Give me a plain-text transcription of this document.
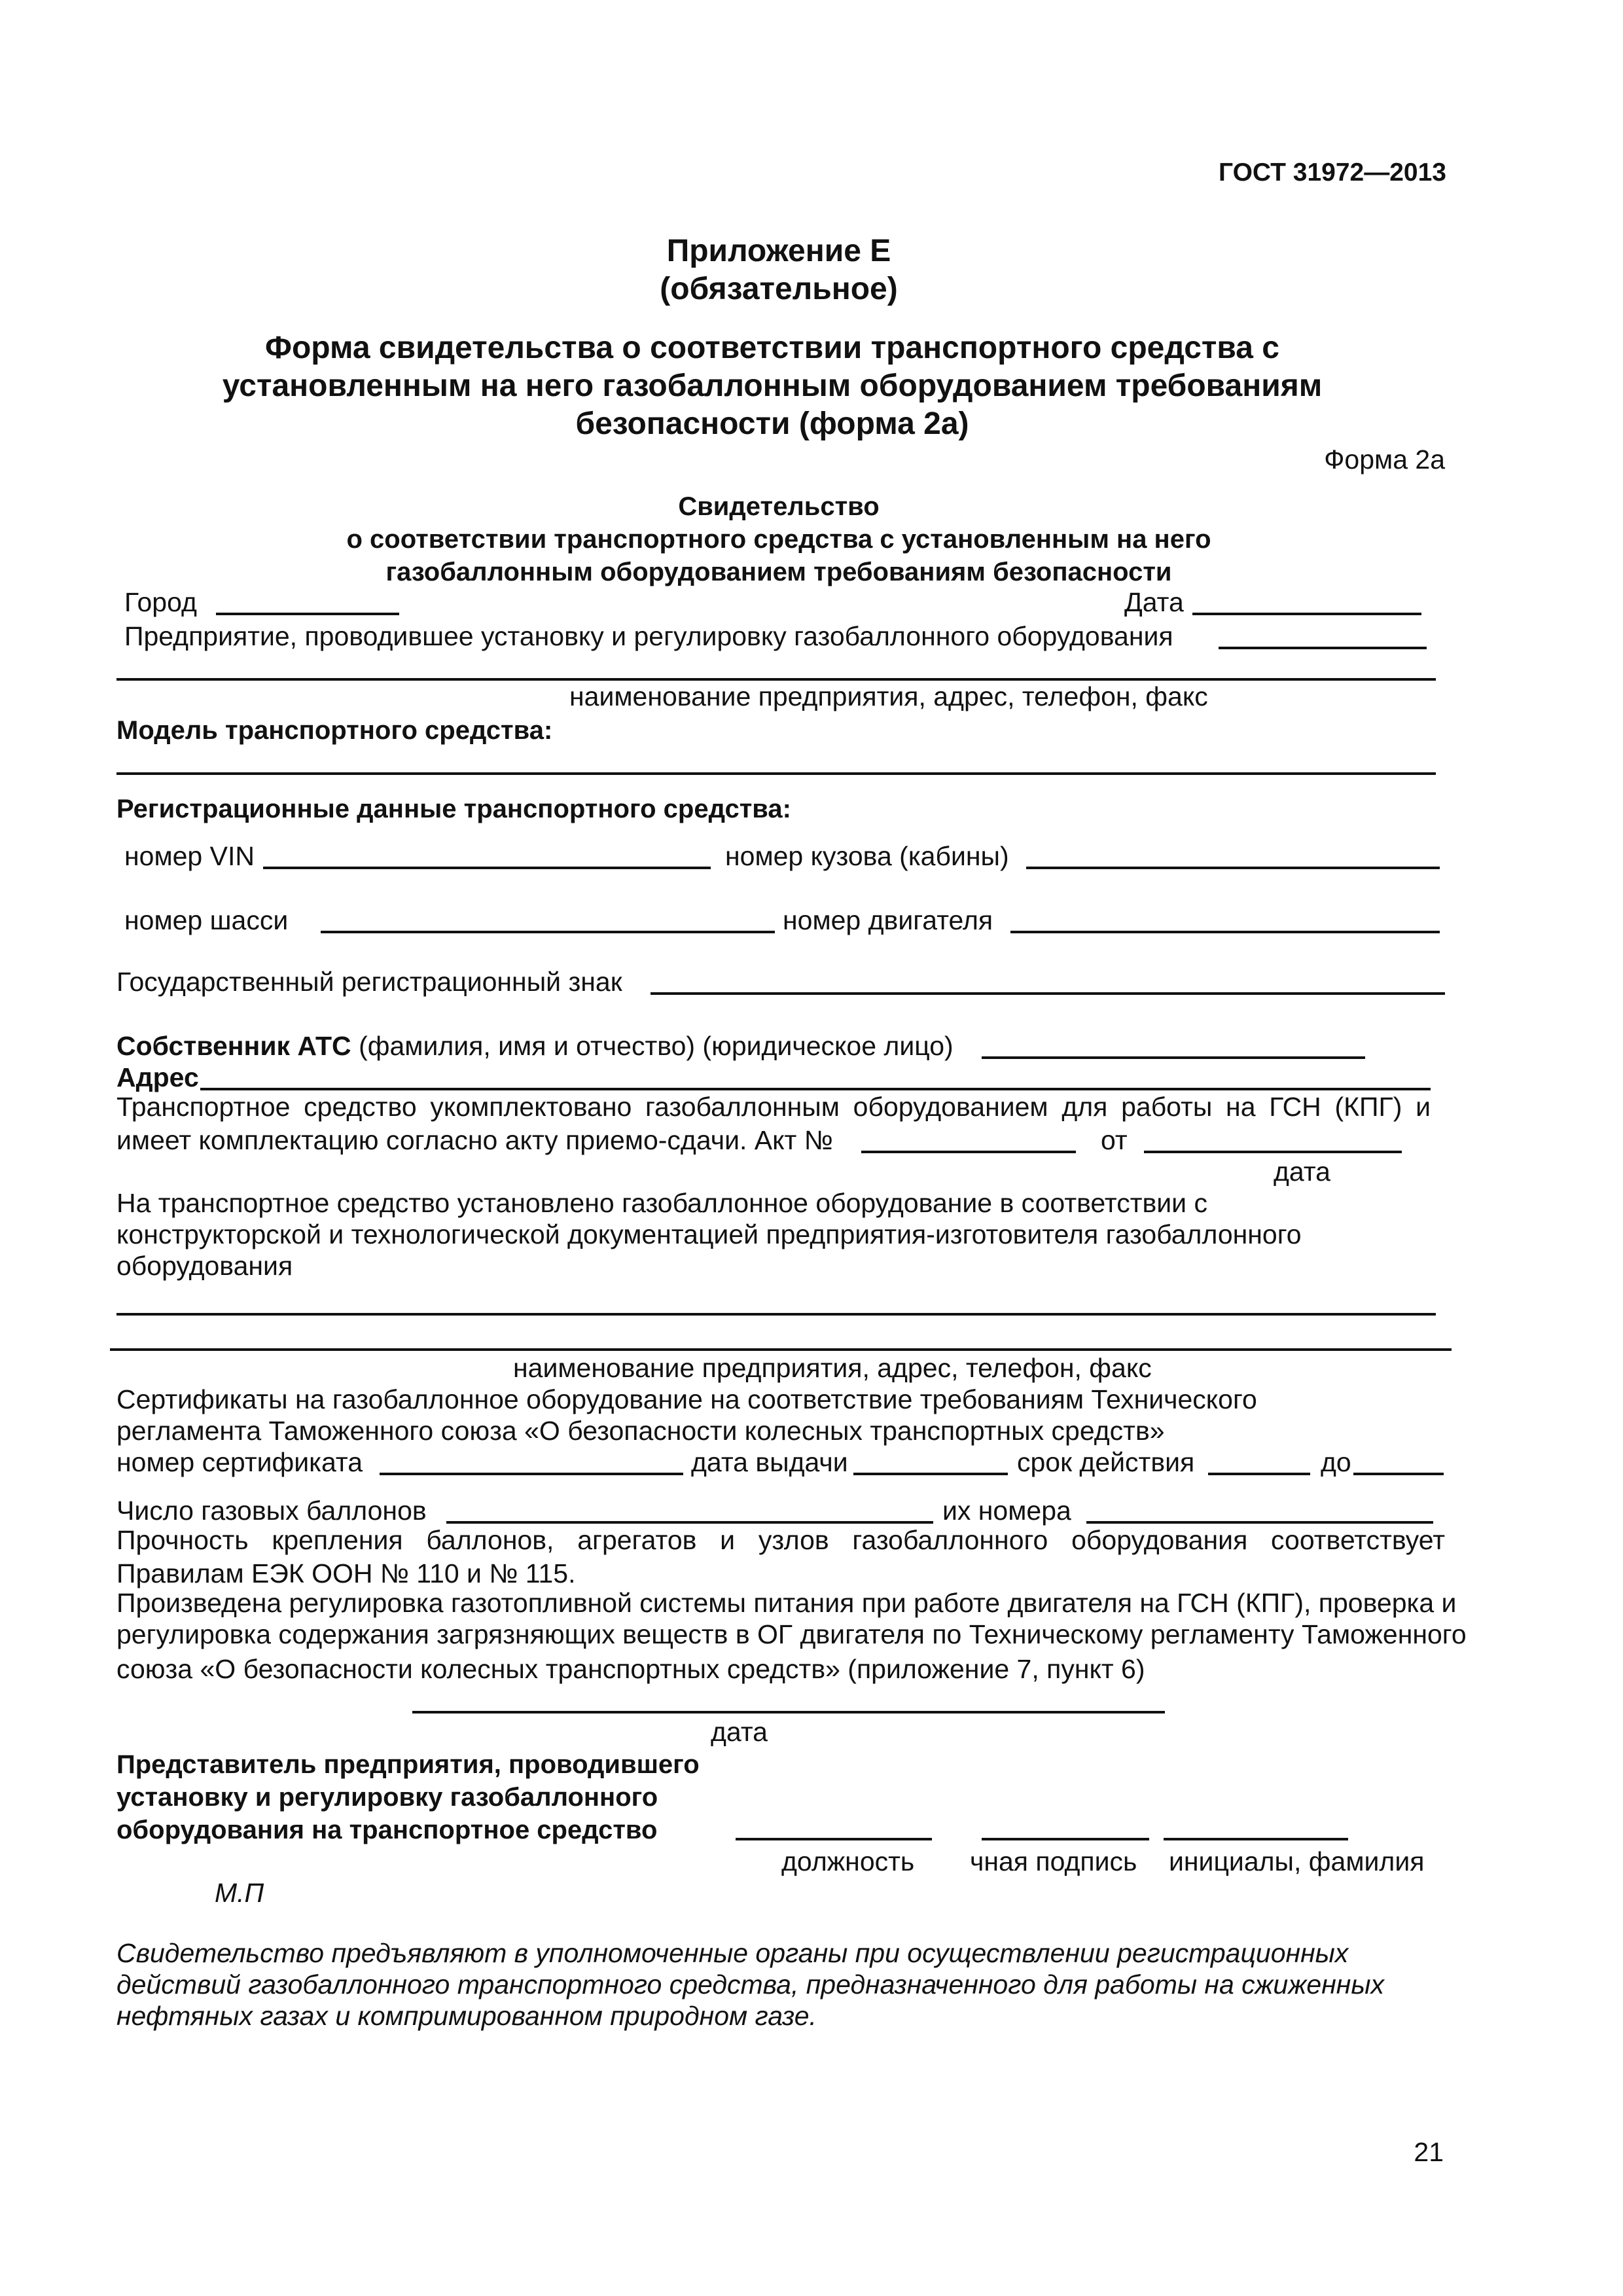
ГОСТ 31972—2013
Приложение Е
(обязательное)
Форма свидетельства о соответствии транспортного средства с
установленным на него газобаллонным оборудованием требованиям
безопасности (форма 2а)
Форма 2а
Свидетельство
о соответствии транспортного средства с установленным на него
газобаллонным оборудованием требованиям безопасности
Город	Дата
Предприятие, проводившее установку и регулировку газобаллонного оборудования
наименование предприятия, адрес, телефон, факс
Модель транспортного средства:
Регистрационные данные транспортного средства:
номер VIN	номер кузова (кабины)
номер шасси	номер двигателя
Государственный регистрационный знак
Собственник АТС (фамилия, имя и отчество) (юридическое лицо)
Адрес
Транспортное средство укомплектовано газобаллонным оборудованием для работы на ГСН (КПГ) и
имеет комплектацию согласно акту приемо-сдачи. Акт №	от
дата
На транспортное средство установлено газобаллонное оборудование в соответствии с
конструкторской и технологической документацией предприятия-изготовителя газобаллонного
оборудования
наименование предприятия, адрес, телефон, факс
Сертификаты на газобаллонное оборудование на соответствие требованиям Технического
регламента Таможенного союза «О безопасности колесных транспортных средств»
номер сертификата	дата выдачи	срок действия	до
Число газовых баллонов	их номера
Прочность крепления баллонов, агрегатов и узлов газобаллонного оборудования соответствует
Правилам ЕЭК ООН № 110 и № 115.
Произведена регулировка газотопливной системы питания при работе двигателя на ГСН (КПГ), проверка и
регулировка содержания загрязняющих веществ в ОГ двигателя по Техническому регламенту Таможенного
союза «О безопасности колесных транспортных средств» (приложение 7, пункт 6)
дата
Представитель предприятия, проводившего
установку и регулировку газобаллонного
оборудования на транспортное средство
должность чная подпись инициалы, фамилия
М.П
Свидетельство предъявляют в уполномоченные органы при осуществлении регистрационных
действий газобаллонного транспортного средства, предназначенного для работы на сжиженных
нефтяных газах и компримированном природном газе.
21
